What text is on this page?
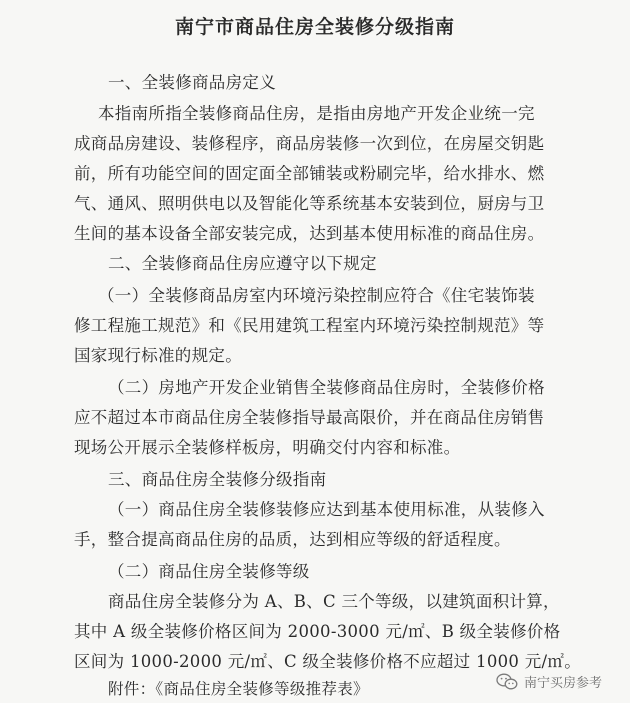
南宁市商品住房全装修分级指南
一、全装修商品房定义
本指南所指全装修商品住房，是指由房地产开发企业统一完
成商品房建设、装修程序，商品房装修一次到位，在房屋交钥匙
前，所有功能空间的固定面全部铺装或粉刷完毕，给水排水、燃
气、通风、照明供电以及智能化等系统基本安装到位，厨房与卫
生间的基本设备全部安装完成，达到基本使用标准的商品住房。
二、全装修商品住房应遵守以下规定
（一）全装修商品房室内环境污染控制应符合《住宅装饰装
修工程施工规范》和《民用建筑工程室内环境污染控制规范》等
国家现行标准的规定。
（二）房地产开发企业销售全装修商品住房时，全装修价格
应不超过本市商品住房全装修指导最高限价，并在商品住房销售
现场公开展示全装修样板房，明确交付内容和标准。
三、商品住房全装修分级指南
（一）商品住房全装修装修应达到基本使用标准，从装修入
手，整合提高商品住房的品质，达到相应等级的舒适程度。
（二）商品住房全装修等级
商品住房全装修分为 A、B、C 三个等级，以建筑面积计算，
其中 A 级全装修价格区间为 2000-3000 元/㎡、B 级全装修价格
区间为 1000-2000 元/㎡、C 级全装修价格不应超过 1000 元/㎡。
附件：《商品住房全装修等级推荐表》	南宁买房参考
